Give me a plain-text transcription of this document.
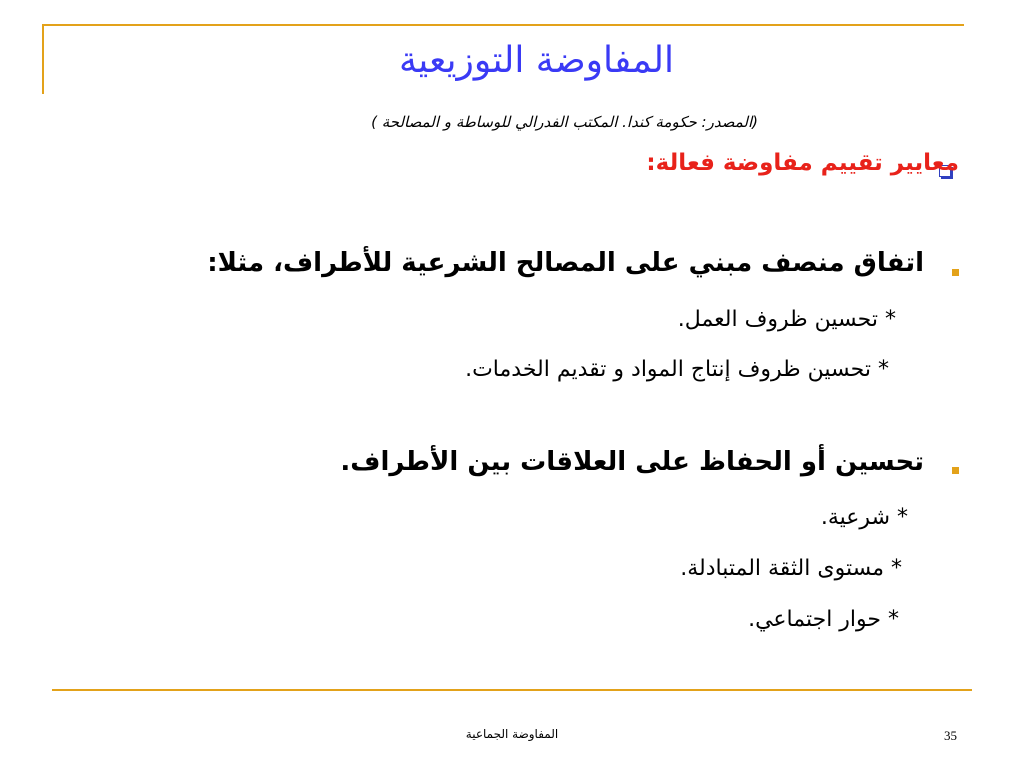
المفاوضة التوزيعية
(المصدر: حكومة كندا. المكتب الفدرالي للوساطة و المصالحة )
معايير تقييم مفاوضة فعالة:
اتفاق منصف مبني على المصالح الشرعية للأطراف، مثلا:
* تحسين ظروف العمل.
* تحسين ظروف إنتاج المواد و تقديم الخدمات.
تحسين أو الحفاظ على العلاقات بين الأطراف.
* شرعية.
* مستوى الثقة المتبادلة.
* حوار اجتماعي.
المفاوضة الجماعية	35
